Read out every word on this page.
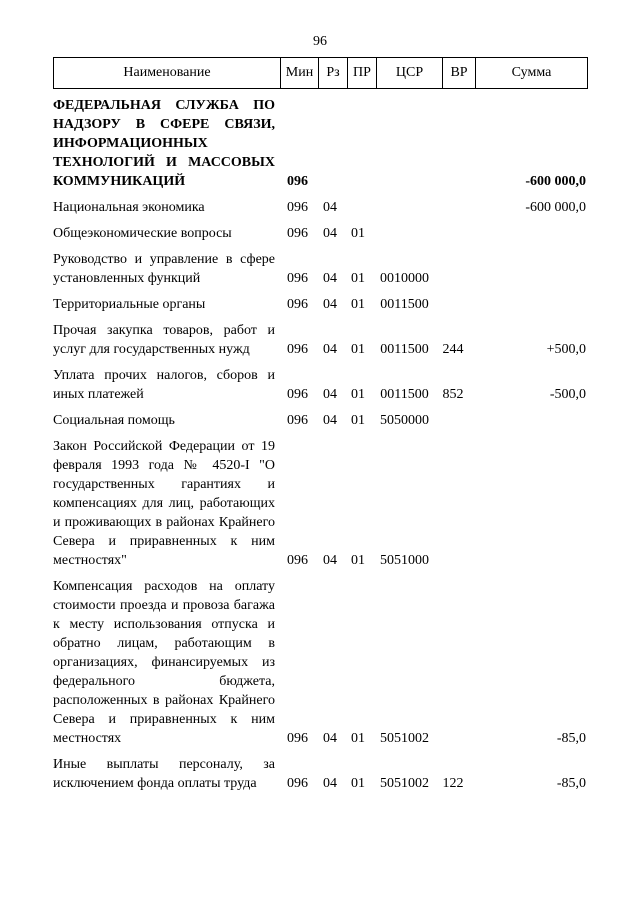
96
Наименование	Мин	Рз	ПР	ЦСР	ВР	Сумма
ФЕДЕРАЛЬНАЯ СЛУЖБА ПО НАДЗОРУ В СФЕРЕ СВЯЗИ, ИНФОРМАЦИОННЫХ ТЕХНОЛОГИЙ И МАССОВЫХ КОММУНИКАЦИЙ	096					-600 000,0

Национальная экономика	096	04				-600 000,0

Общеэкономические вопросы	096	04	01			

Руководство и управление в сфере установленных функций	096	04	01	0010000		

Территориальные органы	096	04	01	0011500		

Прочая закупка товаров, работ и услуг для государственных нужд	096	04	01	0011500	244	+500,0

Уплата прочих налогов, сборов и иных платежей	096	04	01	0011500	852	-500,0

Социальная помощь	096	04	01	5050000		

Закон Российской Федерации от 19 февраля 1993 года № 4520-I "О государственных гарантиях и компенсациях для лиц, работающих и проживающих в районах Крайнего Севера и приравненных к ним местностях"	096	04	01	5051000		

Компенсация расходов на оплату стоимости проезда и провоза багажа к месту использования отпуска и обратно лицам, работающим в организациях, финансируемых из федерального бюджета, расположенных в районах Крайнего Севера и приравненных к ним местностях	096	04	01	5051002		-85,0

Иные выплаты персоналу, за исключением фонда оплаты труда	096	04	01	5051002	122	-85,0
